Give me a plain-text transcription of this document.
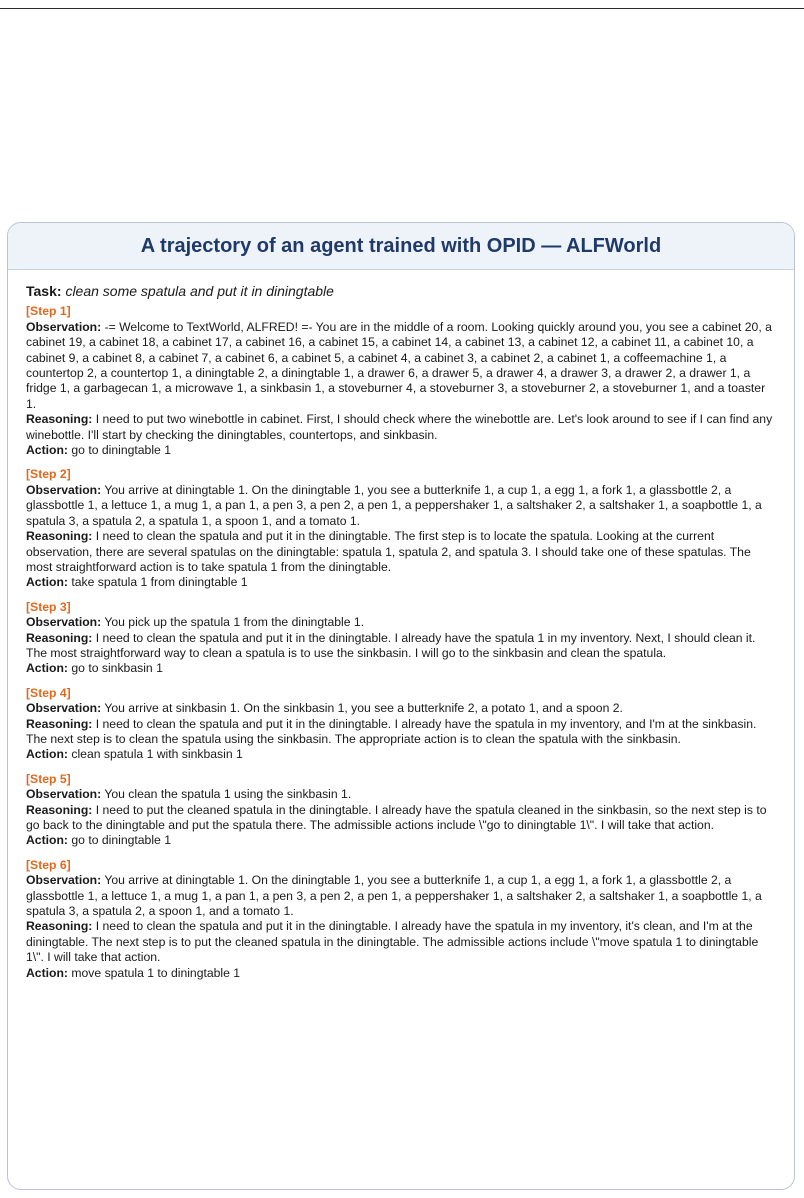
A trajectory of an agent trained with OPID — ALFWorld
Task: clean some spatula and put it in diningtable
[Step 1]
Observation: -= Welcome to TextWorld, ALFRED! =- You are in the middle of a room. Looking quickly around you, you see a cabinet 20, a cabinet 19, a cabinet 18, a cabinet 17, a cabinet 16, a cabinet 15, a cabinet 14, a cabinet 13, a cabinet 12, a cabinet 11, a cabinet 10, a cabinet 9, a cabinet 8, a cabinet 7, a cabinet 6, a cabinet 5, a cabinet 4, a cabinet 3, a cabinet 2, a cabinet 1, a coffeemachine 1, a countertop 2, a countertop 1, a diningtable 2, a diningtable 1, a drawer 6, a drawer 5, a drawer 4, a drawer 3, a drawer 2, a drawer 1, a fridge 1, a garbagecan 1, a microwave 1, a sinkbasin 1, a stoveburner 4, a stoveburner 3, a stoveburner 2, a stoveburner 1, and a toaster 1.
Reasoning: I need to put two winebottle in cabinet. First, I should check where the winebottle are. Let's look around to see if I can find any winebottle. I'll start by checking the diningtables, countertops, and sinkbasin.
Action: go to diningtable 1
[Step 2]
Observation: You arrive at diningtable 1. On the diningtable 1, you see a butterknife 1, a cup 1, a egg 1, a fork 1, a glassbottle 2, a glassbottle 1, a lettuce 1, a mug 1, a pan 1, a pen 3, a pen 2, a pen 1, a peppershaker 1, a saltshaker 2, a saltshaker 1, a soapbottle 1, a spatula 3, a spatula 2, a spatula 1, a spoon 1, and a tomato 1.
Reasoning: I need to clean the spatula and put it in the diningtable. The first step is to locate the spatula. Looking at the current observation, there are several spatulas on the diningtable: spatula 1, spatula 2, and spatula 3. I should take one of these spatulas. The most straightforward action is to take spatula 1 from the diningtable.
Action: take spatula 1 from diningtable 1
[Step 3]
Observation: You pick up the spatula 1 from the diningtable 1.
Reasoning: I need to clean the spatula and put it in the diningtable. I already have the spatula 1 in my inventory. Next, I should clean it. The most straightforward way to clean a spatula is to use the sinkbasin. I will go to the sinkbasin and clean the spatula.
Action: go to sinkbasin 1
[Step 4]
Observation: You arrive at sinkbasin 1. On the sinkbasin 1, you see a butterknife 2, a potato 1, and a spoon 2.
Reasoning: I need to clean the spatula and put it in the diningtable. I already have the spatula in my inventory, and I'm at the sinkbasin. The next step is to clean the spatula using the sinkbasin. The appropriate action is to clean the spatula with the sinkbasin.
Action: clean spatula 1 with sinkbasin 1
[Step 5]
Observation: You clean the spatula 1 using the sinkbasin 1.
Reasoning: I need to put the cleaned spatula in the diningtable. I already have the spatula cleaned in the sinkbasin, so the next step is to go back to the diningtable and put the spatula there. The admissible actions include \"go to diningtable 1\". I will take that action.
Action: go to diningtable 1
[Step 6]
Observation: You arrive at diningtable 1. On the diningtable 1, you see a butterknife 1, a cup 1, a egg 1, a fork 1, a glassbottle 2, a glassbottle 1, a lettuce 1, a mug 1, a pan 1, a pen 3, a pen 2, a pen 1, a peppershaker 1, a saltshaker 2, a saltshaker 1, a soapbottle 1, a spatula 3, a spatula 2, a spoon 1, and a tomato 1.
Reasoning: I need to clean the spatula and put it in the diningtable. I already have the spatula in my inventory, it's clean, and I'm at the diningtable. The next step is to put the cleaned spatula in the diningtable. The admissible actions include \"move spatula 1 to diningtable 1\". I will take that action.
Action: move spatula 1 to diningtable 1
